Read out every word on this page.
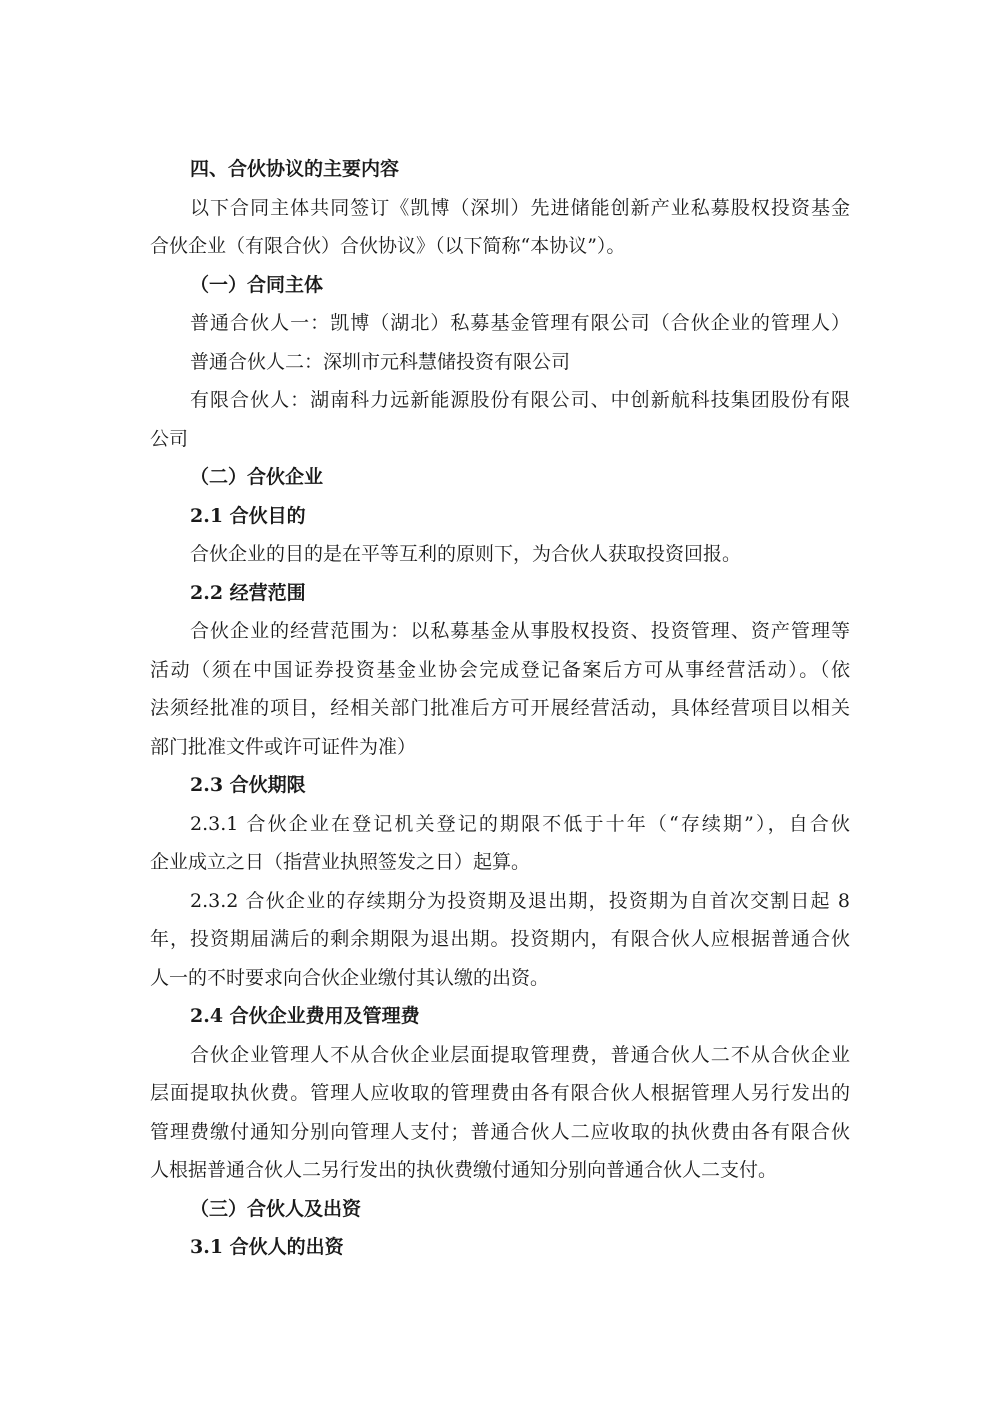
四、合伙协议的主要内容
以下合同主体共同签订《凯博（深圳）先进储能创新产业私募股权投资基金
合伙企业（有限合伙）合伙协议》（以下简称“本协议”）。
（一）合同主体
普通合伙人一：凯博（湖北）私募基金管理有限公司（合伙企业的管理人）
普通合伙人二：深圳市元科慧储投资有限公司
有限合伙人：湖南科力远新能源股份有限公司、中创新航科技集团股份有限
公司
（二）合伙企业
2.1 合伙目的
合伙企业的目的是在平等互利的原则下，为合伙人获取投资回报。
2.2 经营范围
合伙企业的经营范围为：以私募基金从事股权投资、投资管理、资产管理等
活动（须在中国证券投资基金业协会完成登记备案后方可从事经营活动）。（依
法须经批准的项目，经相关部门批准后方可开展经营活动，具体经营项目以相关
部门批准文件或许可证件为准）
2.3 合伙期限
2.3.1 合伙企业在登记机关登记的期限不低于十年（“存续期”），自合伙
企业成立之日（指营业执照签发之日）起算。
2.3.2 合伙企业的存续期分为投资期及退出期，投资期为自首次交割日起 8
年，投资期届满后的剩余期限为退出期。投资期内，有限合伙人应根据普通合伙
人一的不时要求向合伙企业缴付其认缴的出资。
2.4 合伙企业费用及管理费
合伙企业管理人不从合伙企业层面提取管理费，普通合伙人二不从合伙企业
层面提取执伙费。管理人应收取的管理费由各有限合伙人根据管理人另行发出的
管理费缴付通知分别向管理人支付；普通合伙人二应收取的执伙费由各有限合伙
人根据普通合伙人二另行发出的执伙费缴付通知分别向普通合伙人二支付。
（三）合伙人及出资
3.1 合伙人的出资
